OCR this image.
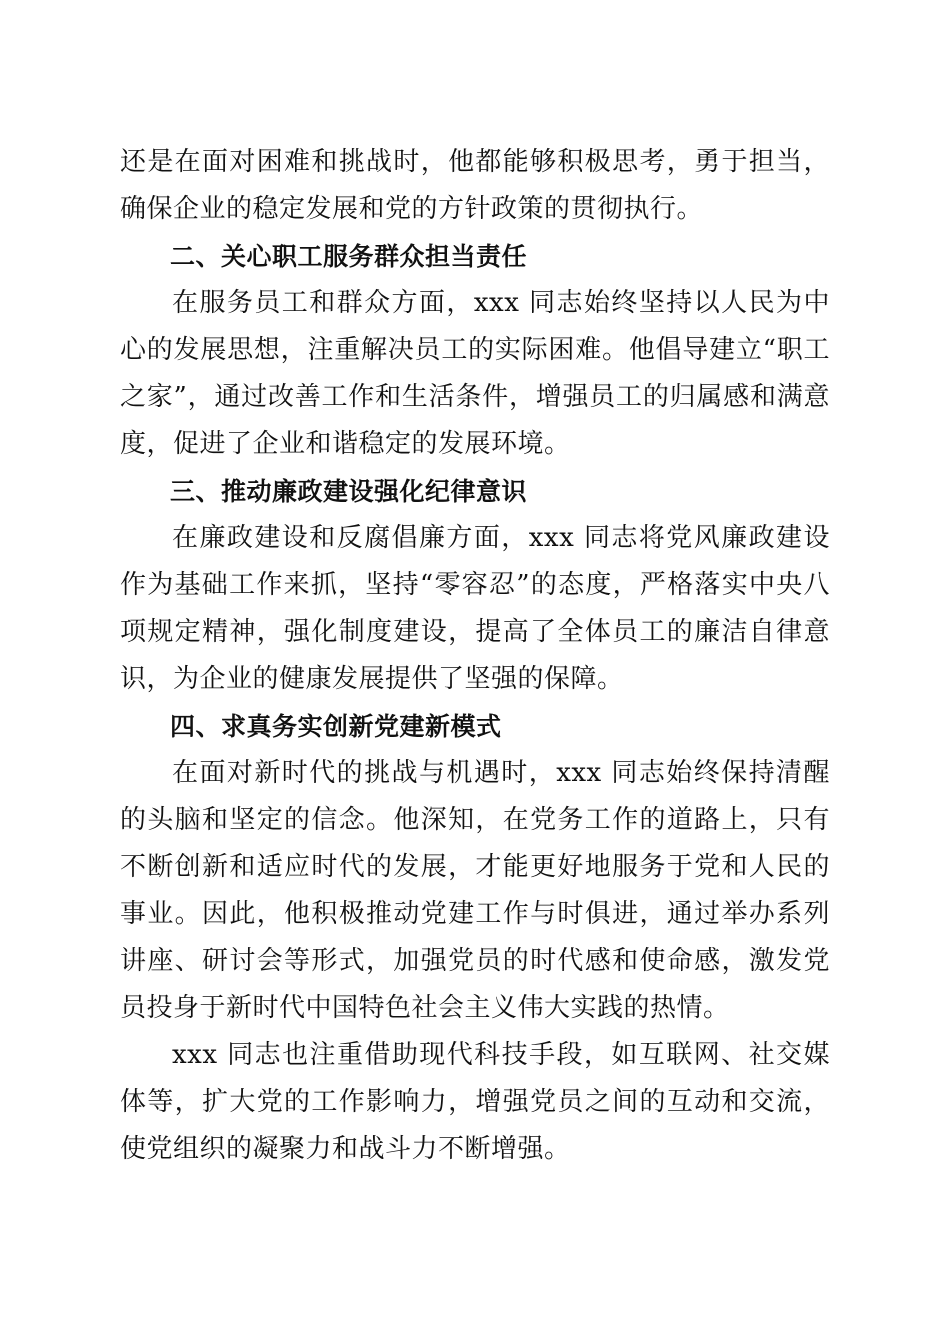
还是在面对困难和挑战时，他都能够积极思考，勇于担当，确保企业的稳定发展和党的方针政策的贯彻执行。

二、关心职工服务群众担当责任

在服务员工和群众方面，xxx 同志始终坚持以人民为中心的发展思想，注重解决员工的实际困难。他倡导建立“职工之家”，通过改善工作和生活条件，增强员工的归属感和满意度，促进了企业和谐稳定的发展环境。

三、推动廉政建设强化纪律意识

在廉政建设和反腐倡廉方面，xxx 同志将党风廉政建设作为基础工作来抓，坚持“零容忍”的态度，严格落实中央八项规定精神，强化制度建设，提高了全体员工的廉洁自律意识，为企业的健康发展提供了坚强的保障。

四、求真务实创新党建新模式

在面对新时代的挑战与机遇时，xxx 同志始终保持清醒的头脑和坚定的信念。他深知，在党务工作的道路上，只有不断创新和适应时代的发展，才能更好地服务于党和人民的事业。因此，他积极推动党建工作与时俱进，通过举办系列讲座、研讨会等形式，加强党员的时代感和使命感，激发党员投身于新时代中国特色社会主义伟大实践的热情。

xxx 同志也注重借助现代科技手段，如互联网、社交媒体等，扩大党的工作影响力，增强党员之间的互动和交流，使党组织的凝聚力和战斗力不断增强。
